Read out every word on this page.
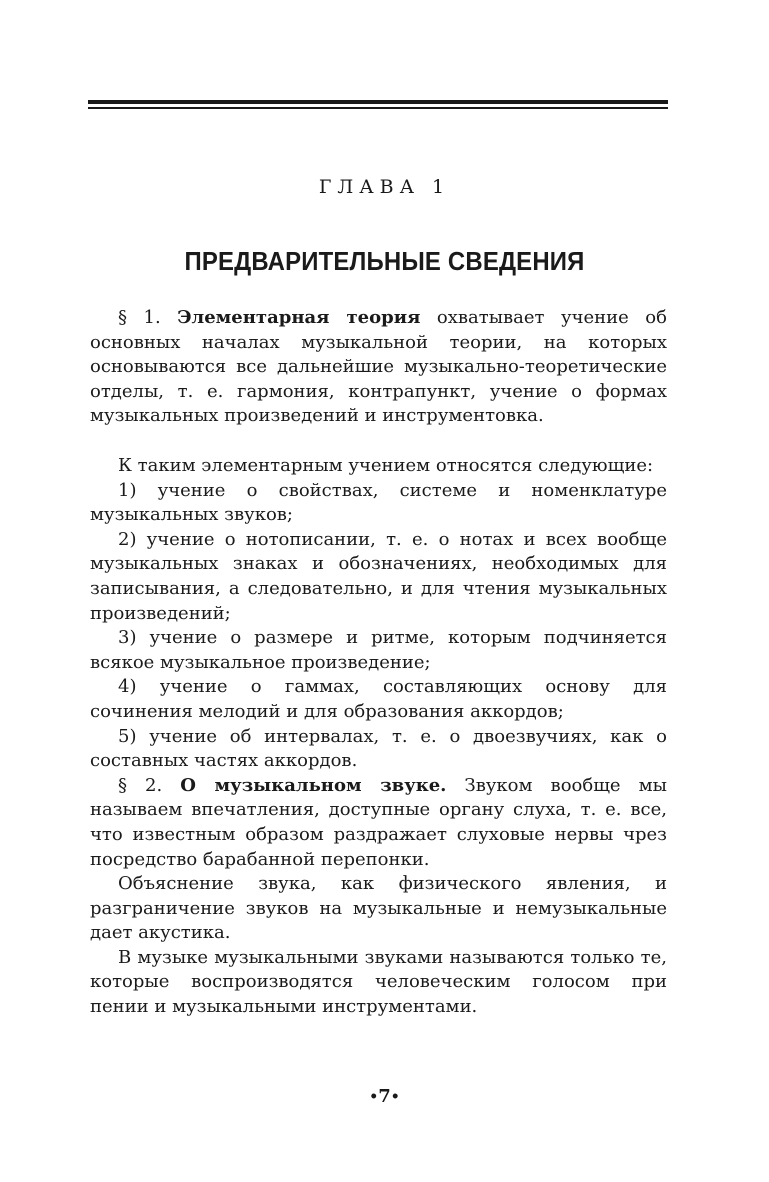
ГЛАВА 1
ПРЕДВАРИТЕЛЬНЫЕ СВЕДЕНИЯ

§ 1. Элементарная теория охватывает учение об основных началах музыкальной теории, на которых основываются все дальнейшие музыкально-теоретические отделы, т. е. гармония, контрапункт, учение о формах музыкальных произведений и инструментовка.

К таким элементарным учением относятся следующие:

1) учение о свойствах, системе и номенклатуре музыкальных звуков;

2) учение о нотописании, т. е. о нотах и всех вообще музыкальных знаках и обозначениях, необходимых для записывания, а следовательно, и для чтения музыкальных произведений;

3) учение о размере и ритме, которым подчиняется всякое музыкальное произведение;

4) учение о гаммах, составляющих основу для сочинения мелодий и для образования аккордов;

5) учение об интервалах, т. е. о двоезвучиях, как о составных частях аккордов.

§ 2. О музыкальном звуке. Звуком вообще мы называем впечатления, доступные органу слуха, т. е. все, что известным образом раздражает слуховые нервы чрез посредство барабанной перепонки.

Объяснение звука, как физического явления, и разграничение звуков на музыкальные и немузыкальные дает акустика.

В музыке музыкальными звуками называются только те, которые воспроизводятся человеческим голосом при пении и музыкальными инструментами.

•7•
